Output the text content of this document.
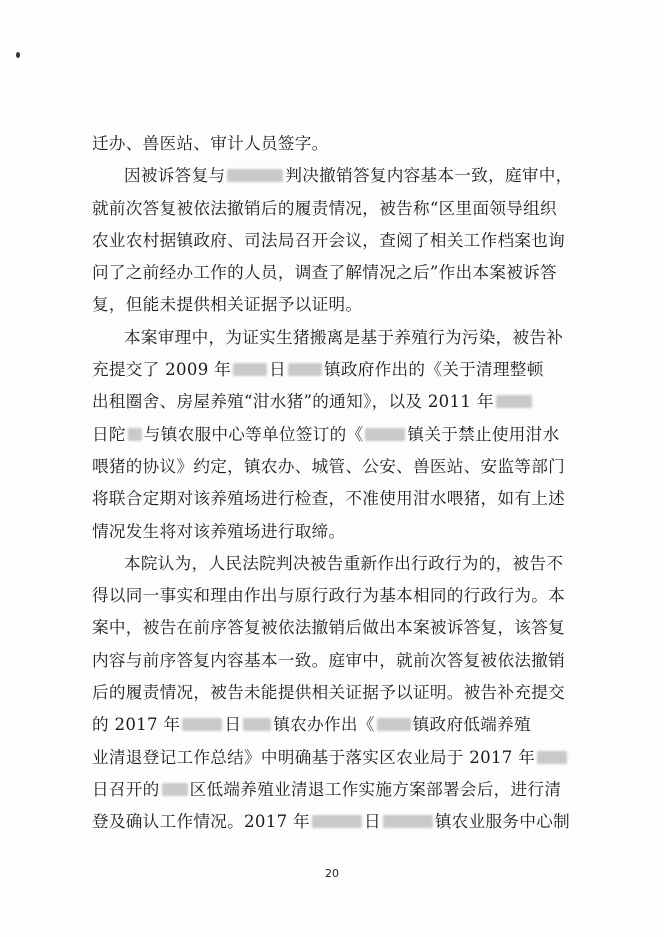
迁办、兽医站、审计人员签字。
因被诉答复与	判决撤销答复内容基本一致，庭审中，
就前次答复被依法撤销后的履责情况，被告称“区里面领导组织
农业农村据镇政府、司法局召开会议，查阅了相关工作档案也询
问了之前经办工作的人员，调查了解情况之后”作出本案被诉答
复，但能未提供相关证据予以证明。
本案审理中，为证实生猪搬离是基于养殖行为污染，被告补
充提交了 2009 年 日 镇政府作出的《关于清理整顿
出租圈舍、房屋养殖“泔水猪”的通知》，以及 2011 年
日陀 与镇农服中心等单位签订的《	镇关于禁止使用泔水
喂猪的协议》约定，镇农办、城管、公安、兽医站、安监等部门
将联合定期对该养殖场进行检查，不准使用泔水喂猪，如有上述
情况发生将对该养殖场进行取缔。
本院认为，人民法院判决被告重新作出行政行为的，被告不
得以同一事实和理由作出与原行政行为基本相同的行政行为。本
案中，被告在前序答复被依法撤销后做出本案被诉答复，该答复
内容与前序答复内容基本一致。庭审中，就前次答复被依法撤销
后的履责情况，被告未能提供相关证据予以证明。被告补充提交
的 2017 年	日 镇农办作出《 镇政府低端养殖
业清退登记工作总结》中明确基于落实区农业局于 2017 年
日召开的 区低端养殖业清退工作实施方案部署会后，进行清
登及确认工作情况。2017 年	日	镇农业服务中心制
20
